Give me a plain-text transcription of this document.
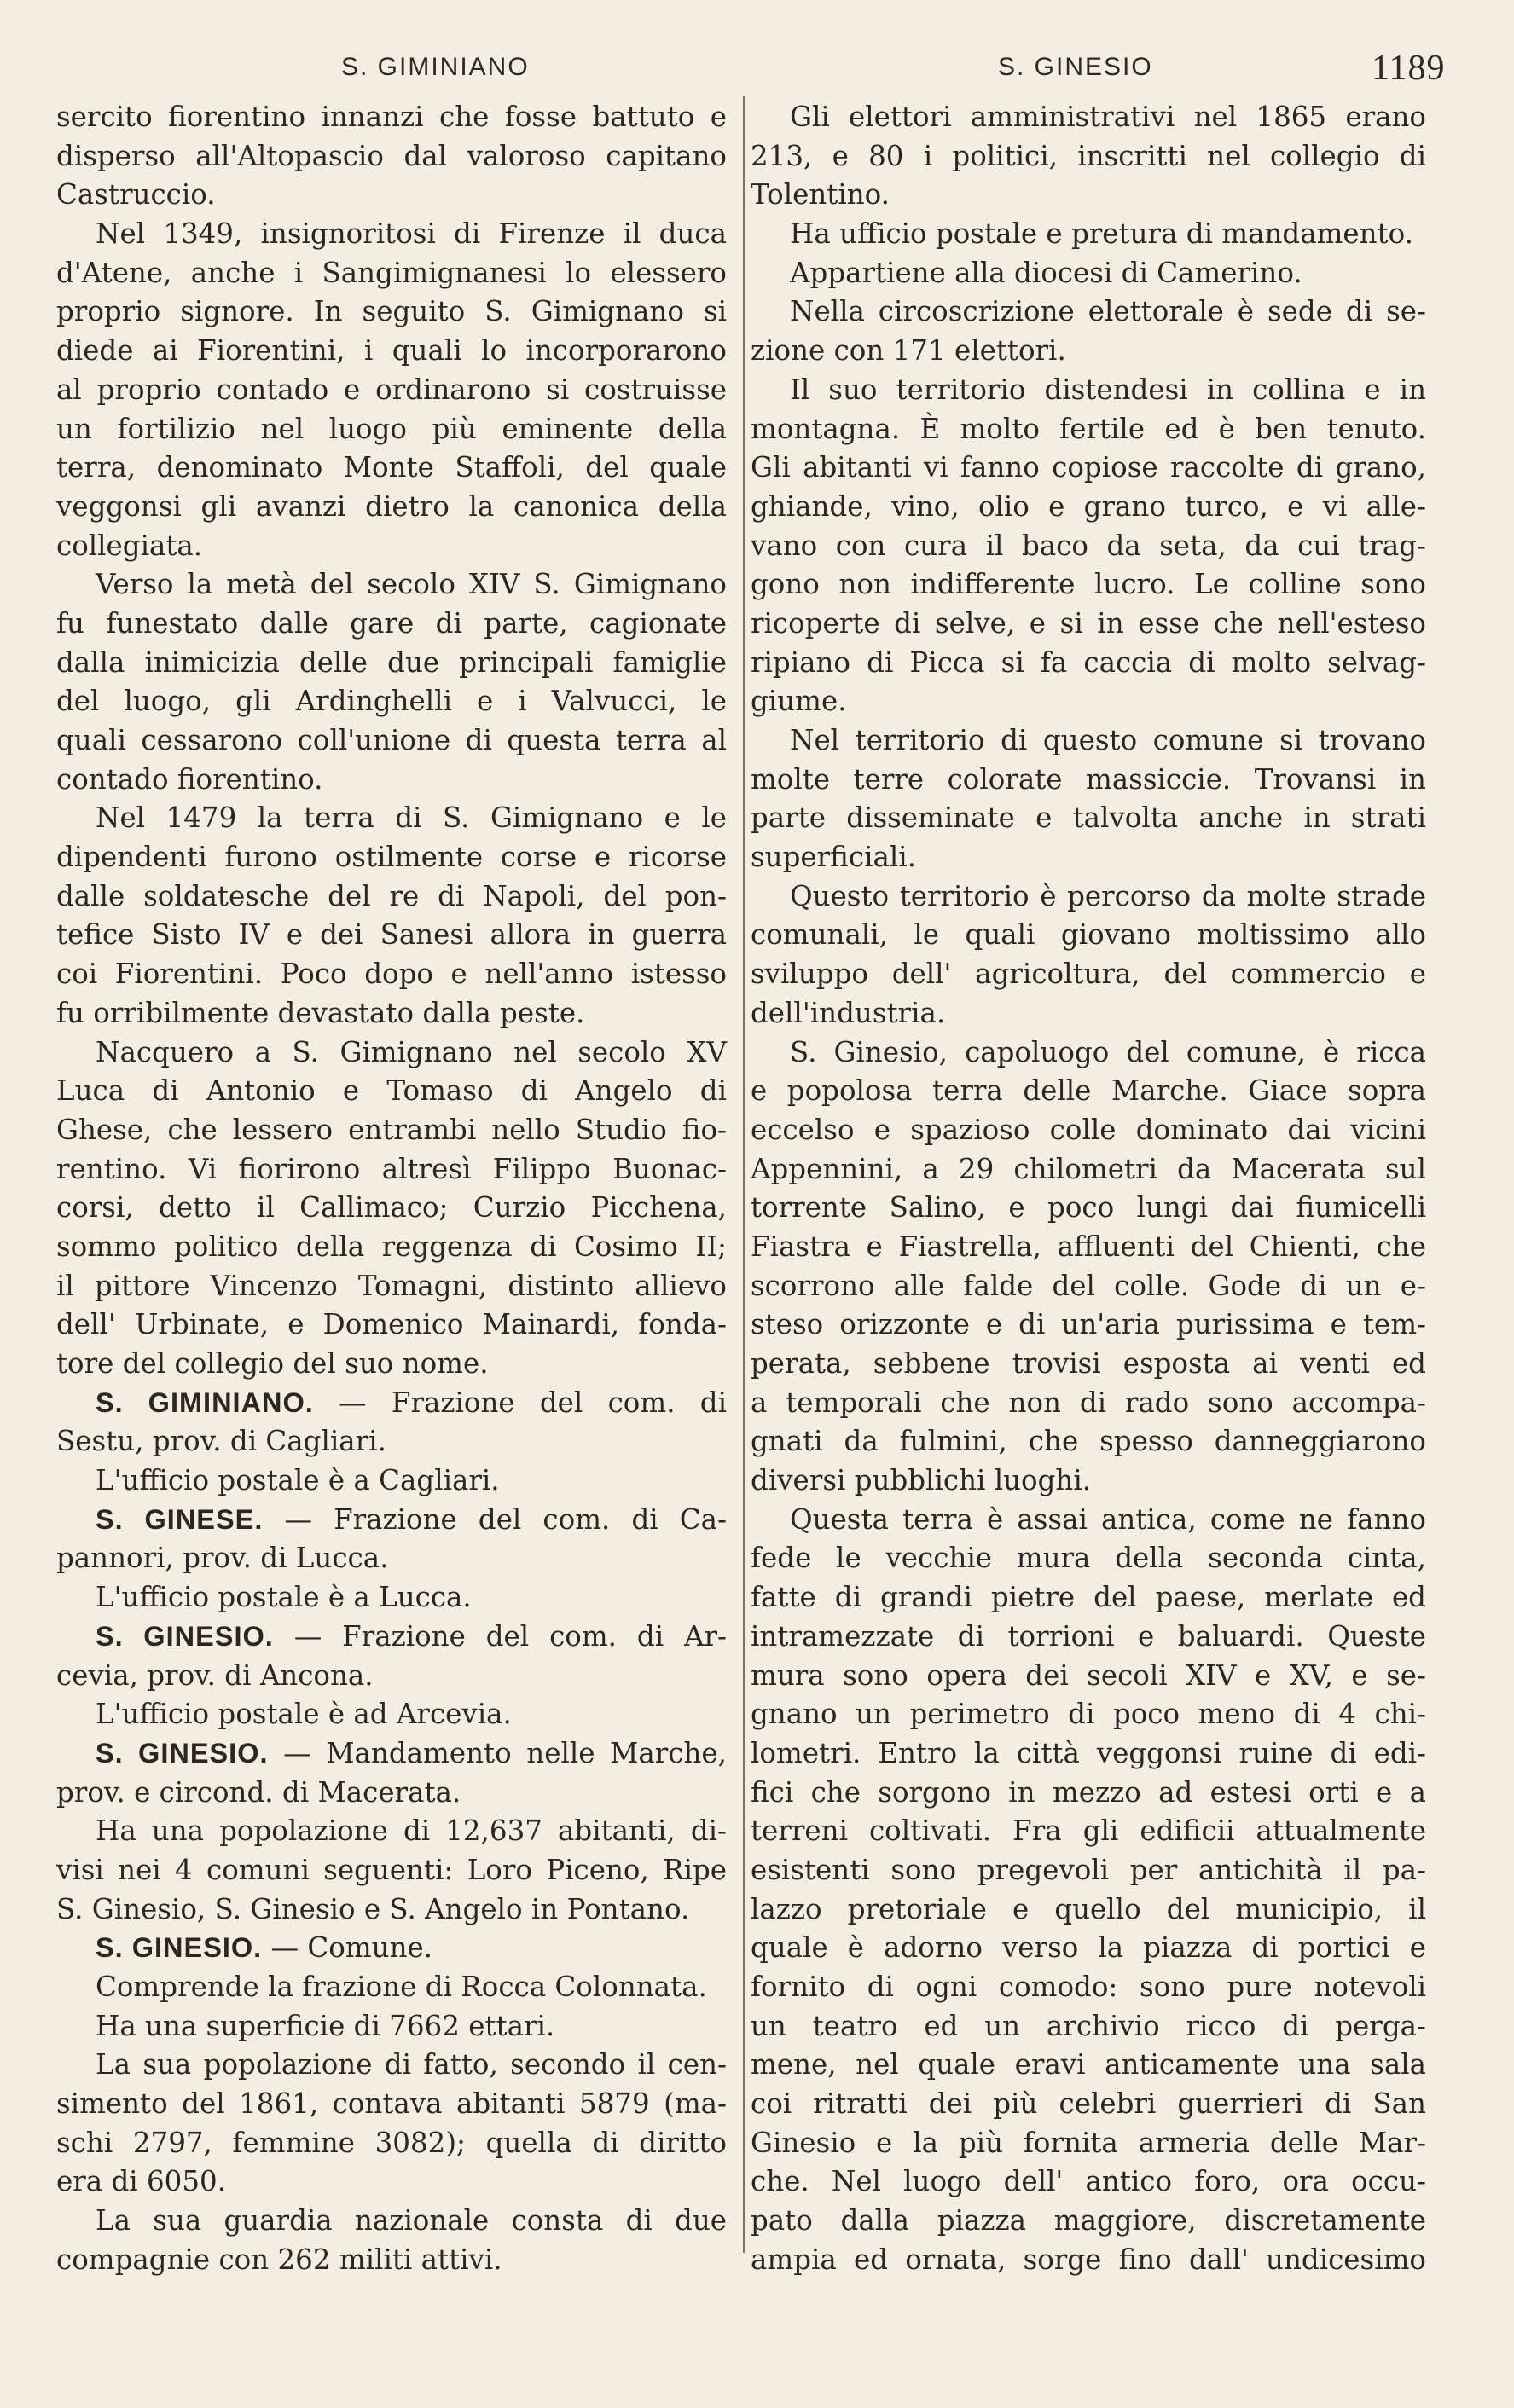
S. GIMINIANO	S. GINESIO	1189
sercito fiorentino innanzi che fosse battuto e
disperso all'Altopascio dal valoroso capitano
Castruccio.
Nel 1349, insignoritosi di Firenze il duca
d'Atene, anche i Sangimignanesi lo elessero
proprio signore. In seguito S. Gimignano si
diede ai Fiorentini, i quali lo incorporarono
al proprio contado e ordinarono si costruisse
un fortilizio nel luogo più eminente della
terra, denominato Monte Staffoli, del quale
veggonsi gli avanzi dietro la canonica della
collegiata.
Verso la metà del secolo XIV S. Gimignano
fu funestato dalle gare di parte, cagionate
dalla inimicizia delle due principali famiglie
del luogo, gli Ardinghelli e i Valvucci, le
quali cessarono coll'unione di questa terra al
contado fiorentino.
Nel 1479 la terra di S. Gimignano e le
dipendenti furono ostilmente corse e ricorse
dalle soldatesche del re di Napoli, del pon-
tefice Sisto IV e dei Sanesi allora in guerra
coi Fiorentini. Poco dopo e nell'anno istesso
fu orribilmente devastato dalla peste.
Nacquero a S. Gimignano nel secolo XV
Luca di Antonio e Tomaso di Angelo di
Ghese, che lessero entrambi nello Studio fio-
rentino. Vi fiorirono altresì Filippo Buonac-
corsi, detto il Callimaco; Curzio Picchena,
sommo politico della reggenza di Cosimo II;
il pittore Vincenzo Tomagni, distinto allievo
dell' Urbinate, e Domenico Mainardi, fonda-
tore del collegio del suo nome.
S. GIMINIANO. — Frazione del com. di
Sestu, prov. di Cagliari.
L'ufficio postale è a Cagliari.
S. GINESE. — Frazione del com. di Ca-
pannori, prov. di Lucca.
L'ufficio postale è a Lucca.
S. GINESIO. — Frazione del com. di Ar-
cevia, prov. di Ancona.
L'ufficio postale è ad Arcevia.
S. GINESIO. — Mandamento nelle Marche,
prov. e circond. di Macerata.
Ha una popolazione di 12,637 abitanti, di-
visi nei 4 comuni seguenti: Loro Piceno, Ripe
S. Ginesio, S. Ginesio e S. Angelo in Pontano.
S. GINESIO. — Comune.
Comprende la frazione di Rocca Colonnata.
Ha una superficie di 7662 ettari.
La sua popolazione di fatto, secondo il cen-
simento del 1861, contava abitanti 5879 (ma-
schi 2797, femmine 3082); quella di diritto
era di 6050.
La sua guardia nazionale consta di due
compagnie con 262 militi attivi.
Gli elettori amministrativi nel 1865 erano
213, e 80 i politici, inscritti nel collegio di
Tolentino.
Ha ufficio postale e pretura di mandamento.
Appartiene alla diocesi di Camerino.
Nella circoscrizione elettorale è sede di se-
zione con 171 elettori.
Il suo territorio distendesi in collina e in
montagna. È molto fertile ed è ben tenuto.
Gli abitanti vi fanno copiose raccolte di grano,
ghiande, vino, olio e grano turco, e vi alle-
vano con cura il baco da seta, da cui trag-
gono non indifferente lucro. Le colline sono
ricoperte di selve, e si in esse che nell'esteso
ripiano di Picca si fa caccia di molto selvag-
giume.
Nel territorio di questo comune si trovano
molte terre colorate massiccie. Trovansi in
parte disseminate e talvolta anche in strati
superficiali.
Questo territorio è percorso da molte strade
comunali, le quali giovano moltissimo allo
sviluppo dell' agricoltura, del commercio e
dell'industria.
S. Ginesio, capoluogo del comune, è ricca
e popolosa terra delle Marche. Giace sopra
eccelso e spazioso colle dominato dai vicini
Appennini, a 29 chilometri da Macerata sul
torrente Salino, e poco lungi dai fiumicelli
Fiastra e Fiastrella, affluenti del Chienti, che
scorrono alle falde del colle. Gode di un e-
steso orizzonte e di un'aria purissima e tem-
perata, sebbene trovisi esposta ai venti ed
a temporali che non di rado sono accompa-
gnati da fulmini, che spesso danneggiarono
diversi pubblichi luoghi.
Questa terra è assai antica, come ne fanno
fede le vecchie mura della seconda cinta,
fatte di grandi pietre del paese, merlate ed
intramezzate di torrioni e baluardi. Queste
mura sono opera dei secoli XIV e XV, e se-
gnano un perimetro di poco meno di 4 chi-
lometri. Entro la città veggonsi ruine di edi-
fici che sorgono in mezzo ad estesi orti e a
terreni coltivati. Fra gli edificii attualmente
esistenti sono pregevoli per antichità il pa-
lazzo pretoriale e quello del municipio, il
quale è adorno verso la piazza di portici e
fornito di ogni comodo: sono pure notevoli
un teatro ed un archivio ricco di perga-
mene, nel quale eravi anticamente una sala
coi ritratti dei più celebri guerrieri di San
Ginesio e la più fornita armeria delle Mar-
che. Nel luogo dell' antico foro, ora occu-
pato dalla piazza maggiore, discretamente
ampia ed ornata, sorge fino dall' undicesimo
